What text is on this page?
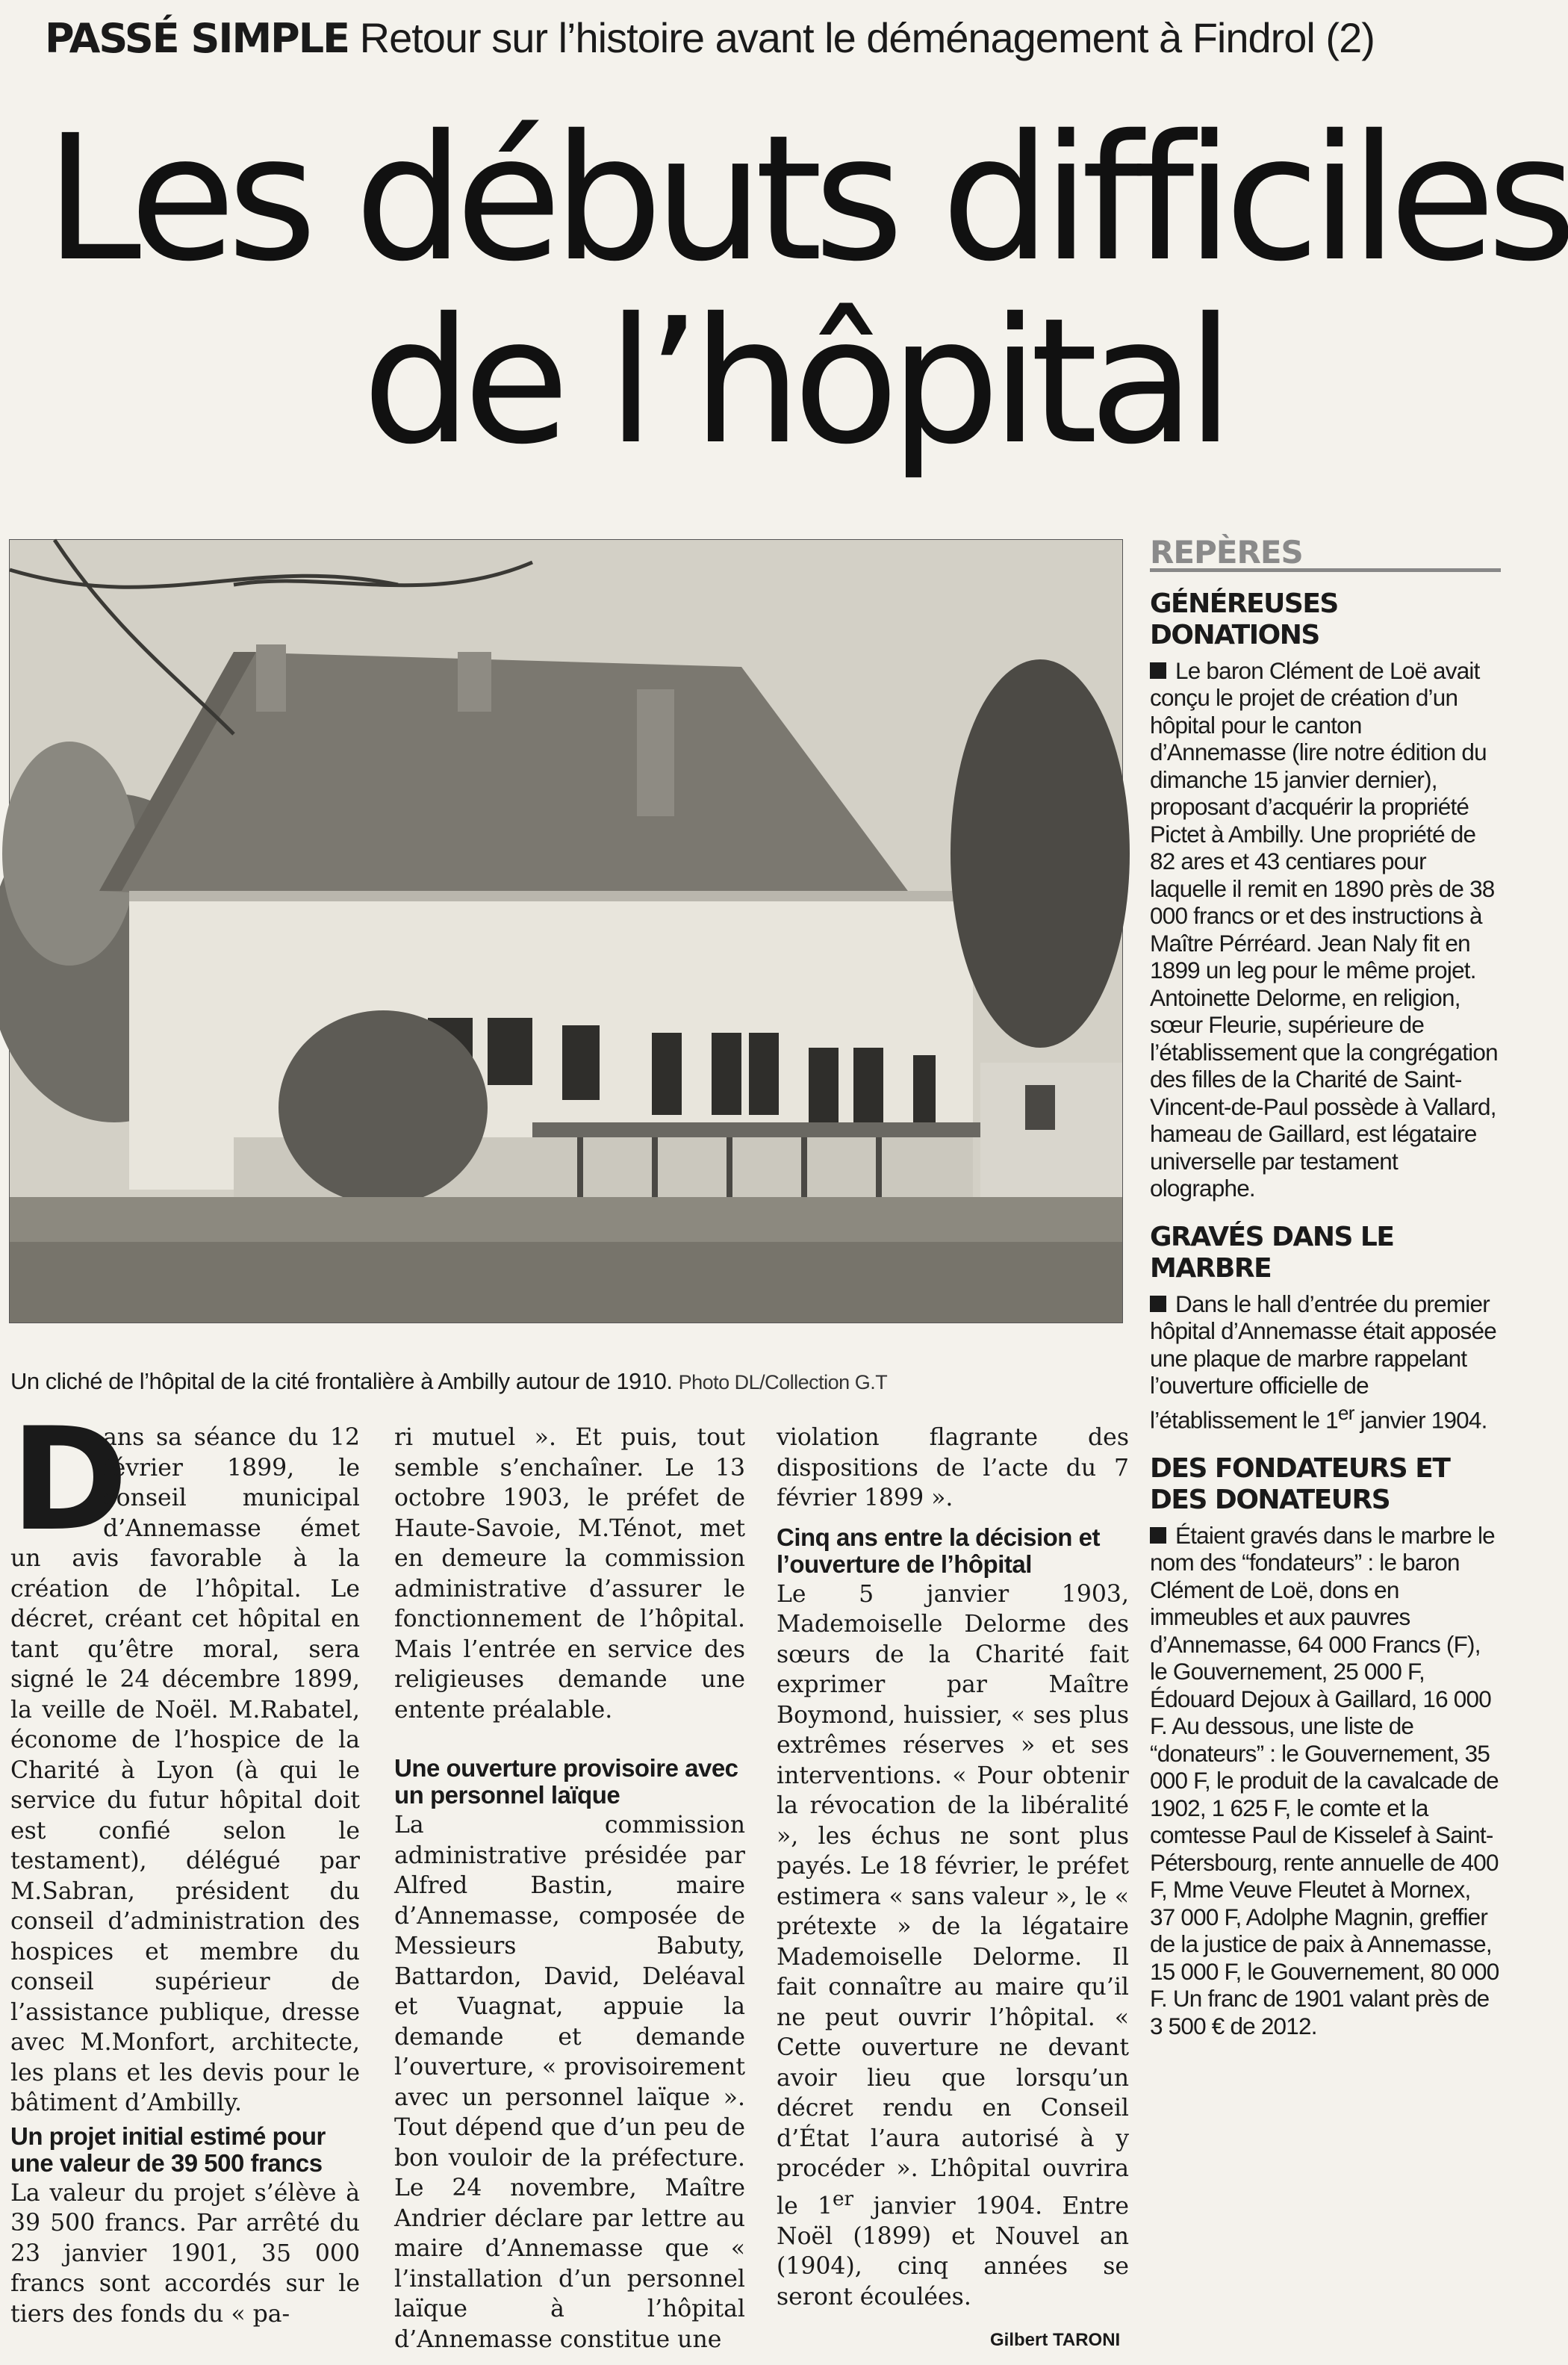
PASSÉ SIMPLE Retour sur l’histoire avant le déménagement à Findrol (2)
Les débuts difficiles
de l’hôpital
Un cliché de l’hôpital de la cité frontalière à Ambilly autour de 1910. Photo DL/Collection G.T

D
ans sa séance du 12 février 1899, le conseil municipal d’Annemasse émet un avis favorable à la création de l’hôpital. Le décret, créant cet hôpital en tant qu’être moral, sera signé le 24 décembre 1899, la veille de Noël. M.Rabatel, économe de l’hospice de la Charité à Lyon (à qui le service du futur hôpital doit est confié selon le testament), délégué par M.Sabran, président du conseil d’administration des hospices et membre du conseil supérieur de l’assistance publique, dresse avec M.Monfort, architecte, les plans et les devis pour le bâtiment d’Ambilly.

Un projet initial estimé pour une valeur de 39 500 francs

La valeur du projet s’élève à 39 500 francs. Par arrêté du 23 janvier 1901, 35 000 francs sont accordés sur le tiers des fonds du « pa-

ri mutuel ». Et puis, tout semble s’enchaîner. Le 13 octobre 1903, le préfet de Haute-Savoie, M.Ténot, met en demeure la commission administrative d’assurer le fonctionnement de l’hôpital. Mais l’entrée en service des religieuses demande une entente préalable.

Une ouverture provisoire avec un personnel laïque

La commission administrative présidée par Alfred Bastin, maire d’Annemasse, composée de Messieurs Babuty, Battardon, David, Deléaval et Vuagnat, appuie la demande et demande l’ouverture, « provisoirement avec un personnel laïque ». Tout dépend que d’un peu de bon vouloir de la préfecture. Le 24 novembre, Maître Andrier déclare par lettre au maire d’Annemasse que « l’installation d’un personnel laïque à l’hôpital d’Annemasse constitue une

violation flagrante des dispositions de l’acte du 7 février 1899 ».

Cinq ans entre la décision et l’ouverture de l’hôpital

Le 5 janvier 1903, Mademoiselle Delorme des sœurs de la Charité fait exprimer par Maître Boymond, huissier, « ses plus extrêmes réserves » et ses interventions. « Pour obtenir la révocation de la libéralité », les échus ne sont plus payés. Le 18 février, le préfet estimera « sans valeur », le « prétexte » de la légataire Mademoiselle Delorme. Il fait connaître au maire qu’il ne peut ouvrir l’hôpital. « Cette ouverture ne devant avoir lieu que lorsqu’un décret rendu en Conseil d’État l’aura autorisé à y procéder ». L’hôpital ouvrira le 1er janvier 1904. Entre Noël (1899) et Nouvel an (1904), cinq années se seront écoulées.

Gilbert TARONI
REPÈRES
GÉNÉREUSES DONATIONS

Le baron Clément de Loë avait conçu le projet de création d’un hôpital pour le canton d’Annemasse (lire notre édition du dimanche 15 janvier dernier), proposant d’acquérir la propriété Pictet à Ambilly. Une propriété de 82 ares et 43 centiares pour laquelle il remit en 1890 près de 38 000 francs or et des instructions à Maître Pérréard. Jean Naly fit en 1899 un leg pour le même projet. Antoinette Delorme, en religion, sœur Fleurie, supérieure de l’établissement que la congrégation des filles de la Charité de Saint-Vincent-de-Paul possède à Vallard, hameau de Gaillard, est légataire universelle par testament olographe.

GRAVÉS DANS LE MARBRE

Dans le hall d’entrée du premier hôpital d’Annemasse était apposée une plaque de marbre rappelant l’ouverture officielle de l’établissement le 1er janvier 1904.

DES FONDATEURS ET DES DONATEURS

Étaient gravés dans le marbre le nom des “fondateurs” : le baron Clément de Loë, dons en immeubles et aux pauvres d’Annemasse, 64 000 Francs (F), le Gouvernement, 25 000 F, Édouard Dejoux à Gaillard, 16 000 F. Au dessous, une liste de “donateurs” : le Gouvernement, 35 000 F, le produit de la cavalcade de 1902, 1 625 F, le comte et la comtesse Paul de Kisselef à Saint-Pétersbourg, rente annuelle de 400 F, Mme Veuve Fleutet à Mornex, 37 000 F, Adolphe Magnin, greffier de la justice de paix à Annemasse, 15 000 F, le Gouvernement, 80 000 F. Un franc de 1901 valant près de 3 500 € de 2012.
